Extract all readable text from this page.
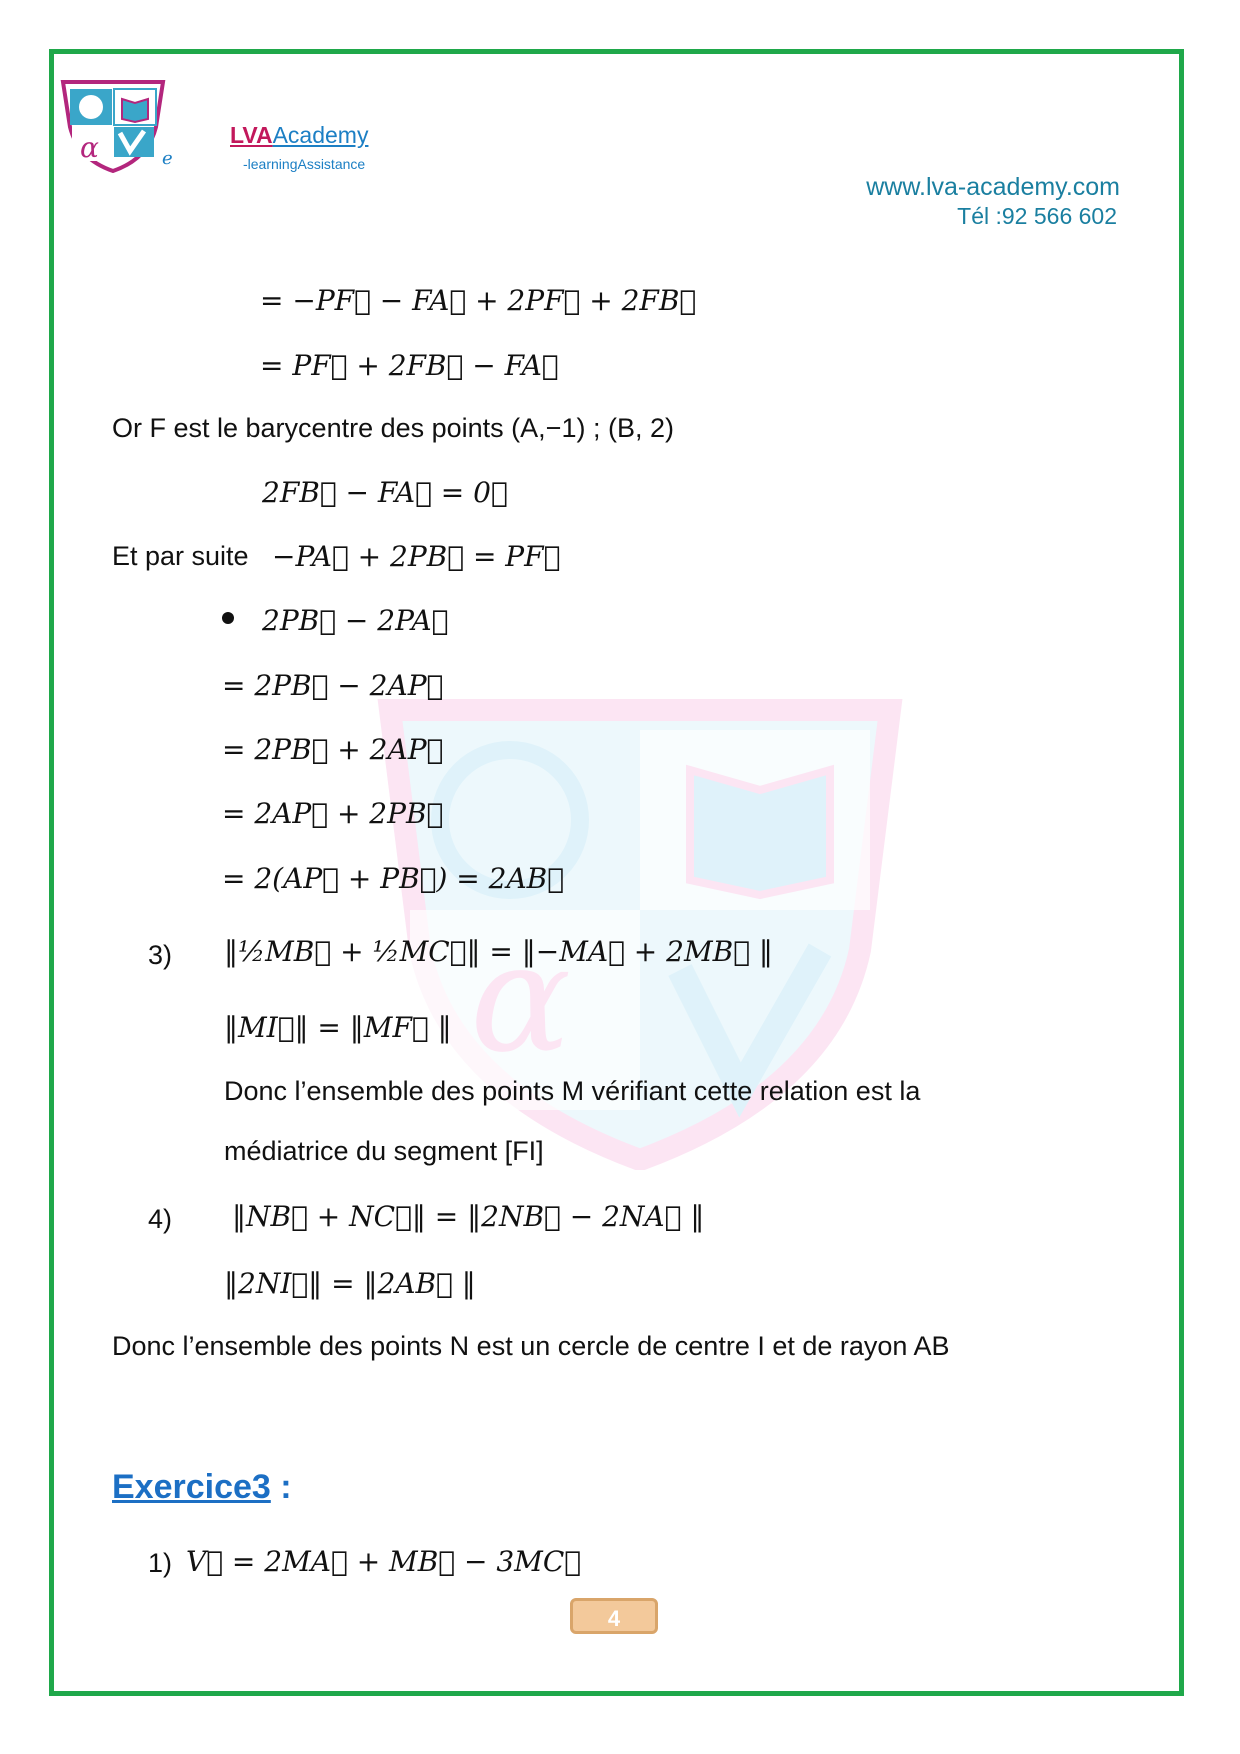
α
α	LVAAcademy
-learningAssistance
e
www.lva-academy.com
Tél :92 566 602
= −PF⃗ − FA⃗ + 2PF⃗ + 2FB⃗
= PF⃗ + 2FB⃗ − FA⃗
Or F est le barycentre des points (A,−1) ; (B, 2)
2FB⃗ − FA⃗ = 0⃗
Et par suite −PA⃗ + 2PB⃗ = PF⃗
2PB⃗ − 2PA⃗
= 2PB⃗ − 2AP⃗
= 2PB⃗ + 2AP⃗
= 2AP⃗ + 2PB⃗
= 2(AP⃗ + PB⃗) = 2AB⃗
3) ‖½MB⃗ + ½MC⃗‖ = ‖−MA⃗ + 2MB⃗ ‖
‖MI⃗‖ = ‖MF⃗ ‖
Donc l’ensemble des points M vérifiant cette relation est la
médiatrice du segment [FI]
4) ‖NB⃗ + NC⃗‖ = ‖2NB⃗ − 2NA⃗ ‖
‖2NI⃗‖ = ‖2AB⃗ ‖
Donc l’ensemble des points N est un cercle de centre I et de rayon AB
Exercice3 :
1) V⃗ = 2MA⃗ + MB⃗ − 3MC⃗
4
